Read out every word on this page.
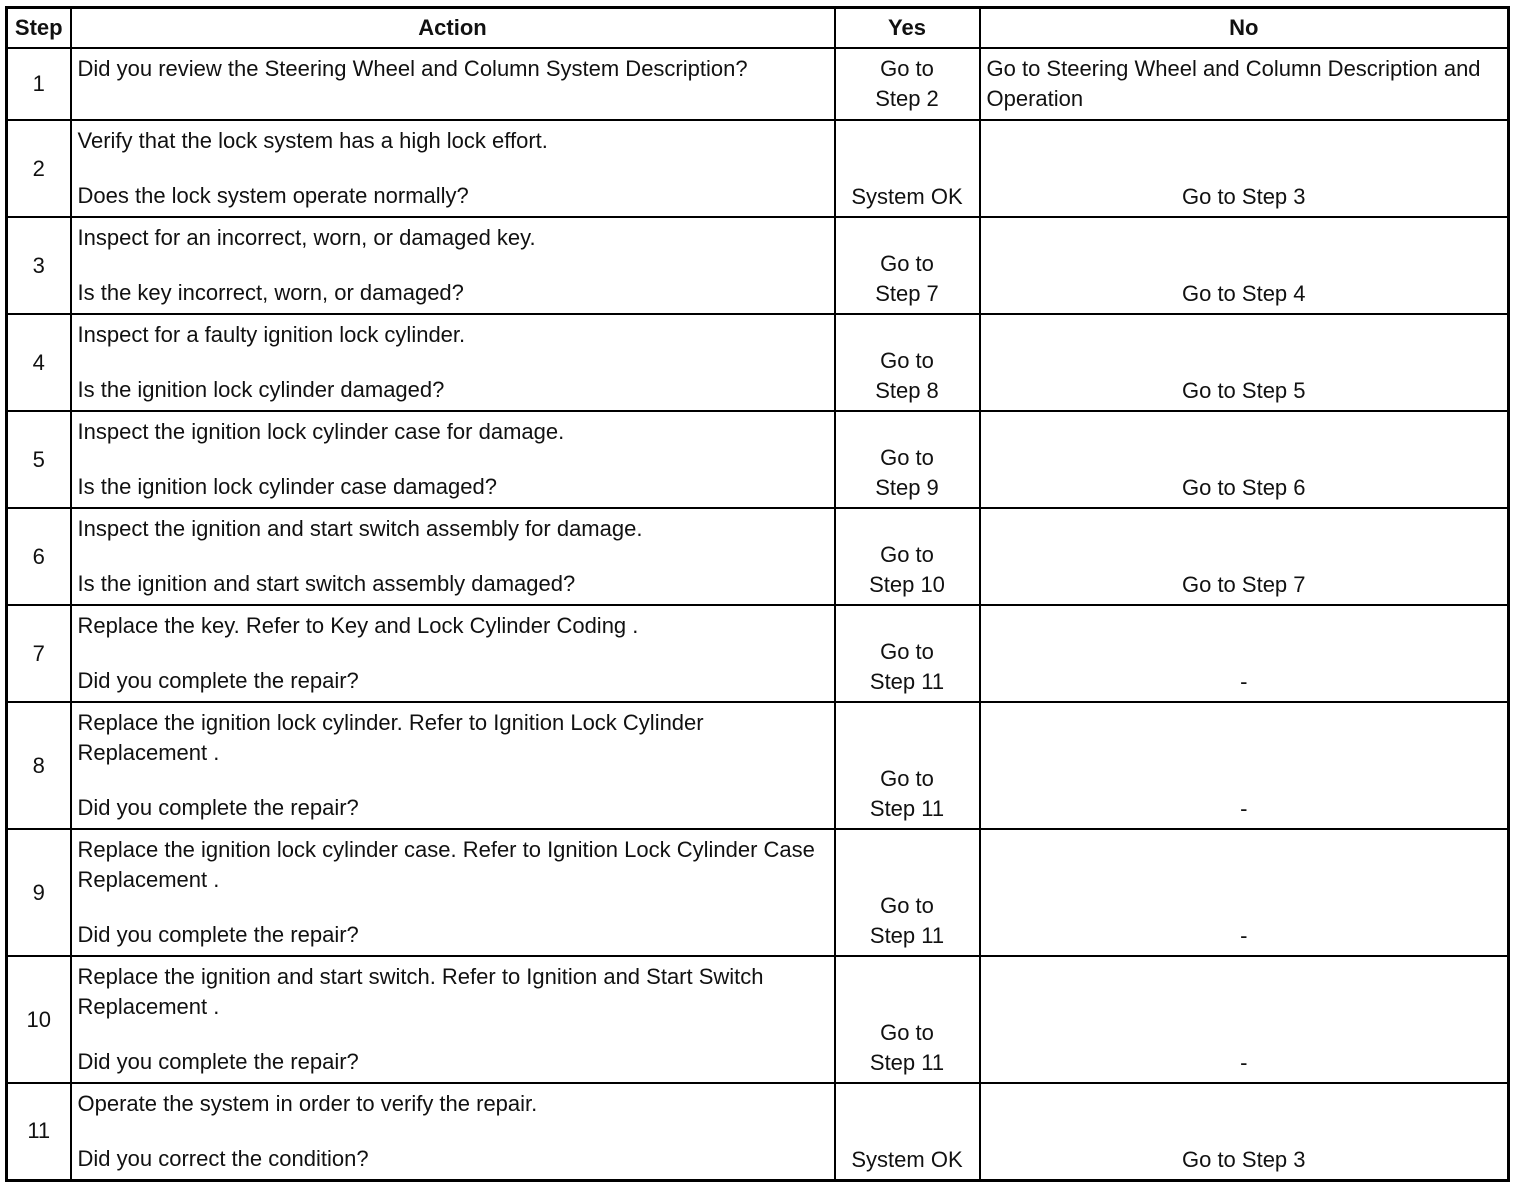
Step	Action	Yes	No
1	Did you review the Steering Wheel and Column System Description?	Go to
Step 2	Go to Steering Wheel and Column Description and Operation
2	Verify that the lock system has a high lock effort.
Does the lock system operate normally?	System OK	Go to Step 3
3	Inspect for an incorrect, worn, or damaged key.
Is the key incorrect, worn, or damaged?	Go to
Step 7	Go to Step 4
4	Inspect for a faulty ignition lock cylinder.
Is the ignition lock cylinder damaged?	Go to
Step 8	Go to Step 5
5	Inspect the ignition lock cylinder case for damage.
Is the ignition lock cylinder case damaged?	Go to
Step 9	Go to Step 6
6	Inspect the ignition and start switch assembly for damage.
Is the ignition and start switch assembly damaged?	Go to
Step 10	Go to Step 7
7	Replace the key. Refer to Key and Lock Cylinder Coding .
Did you complete the repair?	Go to
Step 11	-
8	Replace the ignition lock cylinder. Refer to Ignition Lock Cylinder Replacement .
Did you complete the repair?	Go to
Step 11	-
9	Replace the ignition lock cylinder case. Refer to Ignition Lock Cylinder Case Replacement .
Did you complete the repair?	Go to
Step 11	-
10	Replace the ignition and start switch. Refer to Ignition and Start Switch Replacement .
Did you complete the repair?	Go to
Step 11	-
11	Operate the system in order to verify the repair.
Did you correct the condition?	System OK	Go to Step 3
